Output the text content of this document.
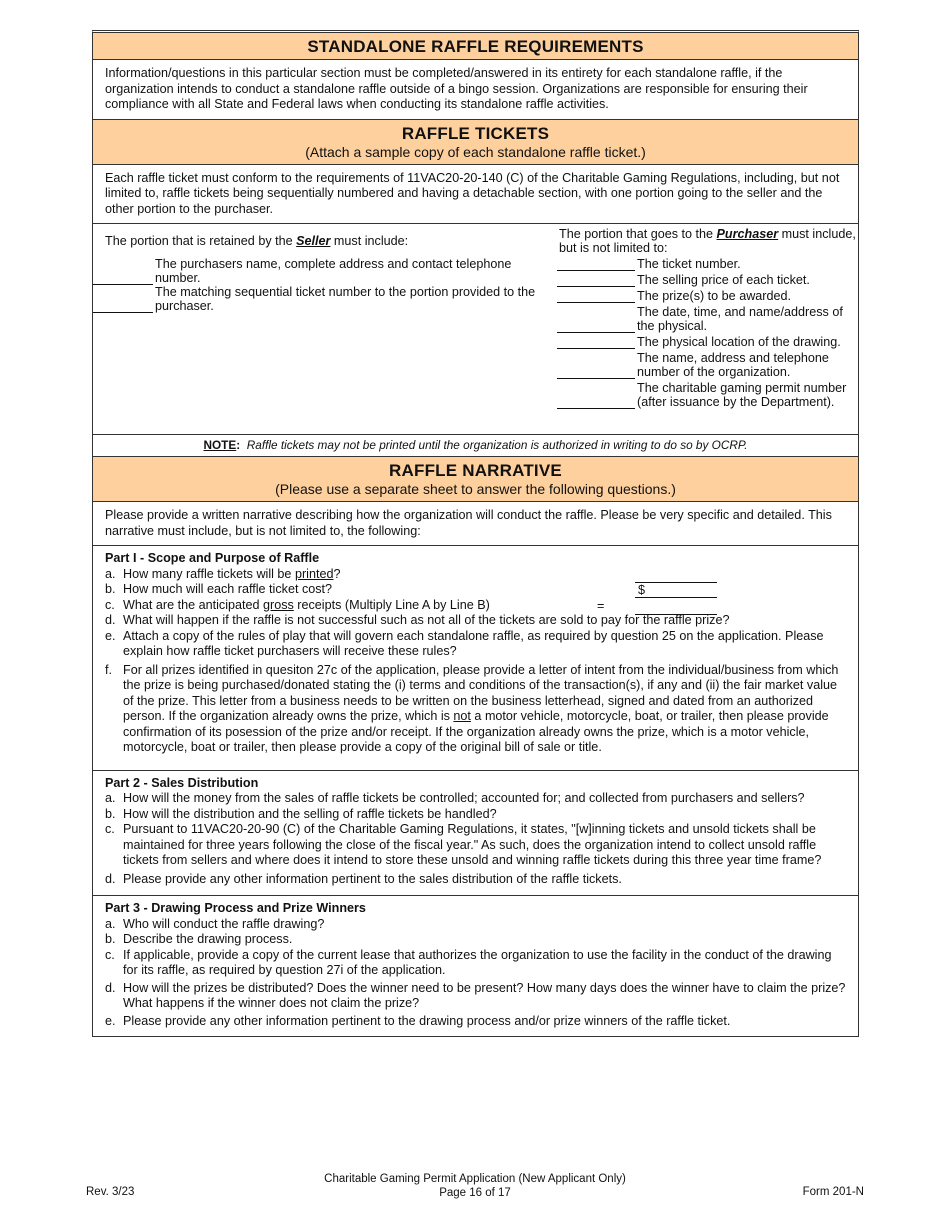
STANDALONE RAFFLE REQUIREMENTS
Information/questions in this particular section must be completed/answered in its entirety for each standalone raffle, if the organization intends to conduct a standalone raffle outside of a bingo session. Organizations are responsible for ensuring their compliance with all State and Federal laws when conducting its standalone raffle activities.
RAFFLE TICKETS
(Attach a sample copy of each standalone raffle ticket.)
Each raffle ticket must conform to the requirements of 11VAC20-20-140 (C) of the Charitable Gaming Regulations, including, but not limited to, raffle tickets being sequentially numbered and having a detachable section, with one portion going to the seller and the other portion to the purchaser.
The portion that is retained by the Seller must include:
The purchasers name, complete address and contact telephone number.
The matching sequential ticket number to the portion provided to the purchaser.
The portion that goes to the Purchaser must include, but is not limited to:
The ticket number.
The selling price of each ticket.
The prize(s) to be awarded.
The date, time, and name/address of the physical.
The physical location of the drawing.
The name, address and telephone number of the organization.
The charitable gaming permit number (after issuance by the Department).
NOTE: Raffle tickets may not be printed until the organization is authorized in writing to do so by OCRP.
RAFFLE NARRATIVE
(Please use a separate sheet to answer the following questions.)
Please provide a written narrative describing how the organization will conduct the raffle. Please be very specific and detailed. This narrative must include, but is not limited to, the following:
Part I - Scope and Purpose of Raffle
a. How many raffle tickets will be printed?
b. How much will each raffle ticket cost?
c. What are the anticipated gross receipts (Multiply Line A by Line B)
d. What will happen if the raffle is not successful such as not all of the tickets are sold to pay for the raffle prize?
e. Attach a copy of the rules of play that will govern each standalone raffle, as required by question 25 on the application. Please explain how raffle ticket purchasers will receive these rules?
f. For all prizes identified in quesiton 27c of the application, please provide a letter of intent from the individual/business from which the prize is being purchased/donated stating the (i) terms and conditions of the transaction(s), if any and (ii) the fair market value of the prize. This letter from a business needs to be written on the business letterhead, signed and dated from an authorized person. If the organization already owns the prize, which is not a motor vehicle, motorcycle, boat, or trailer, then please provide confirmation of its posession of the prize and/or receipt. If the organization already owns the prize, which is a motor vehicle, motorcycle, boat or trailer, then please provide a copy of the original bill of sale or title.
$
=
Part 2 - Sales Distribution
a. How will the money from the sales of raffle tickets be controlled; accounted for; and collected from purchasers and sellers?
b. How will the distribution and the selling of raffle tickets be handled?
c. Pursuant to 11VAC20-20-90 (C) of the Charitable Gaming Regulations, it states, "[w]inning tickets and unsold tickets shall be maintained for three years following the close of the fiscal year." As such, does the organization intend to collect unsold raffle tickets from sellers and where does it intend to store these unsold and winning raffle tickets during this three year time frame?
d. Please provide any other information pertinent to the sales distribution of the raffle tickets.
Part 3 - Drawing Process and Prize Winners
a. Who will conduct the raffle drawing?
b. Describe the drawing process.
c. If applicable, provide a copy of the current lease that authorizes the organization to use the facility in the conduct of the drawing for its raffle, as required by question 27i of the application.
d. How will the prizes be distributed? Does the winner need to be present? How many days does the winner have to claim the prize? What happens if the winner does not claim the prize?
e. Please provide any other information pertinent to the drawing process and/or prize winners of the raffle ticket.
Charitable Gaming Permit Application (New Applicant Only)
Page 16 of 17
Rev. 3/23	Form 201-N
